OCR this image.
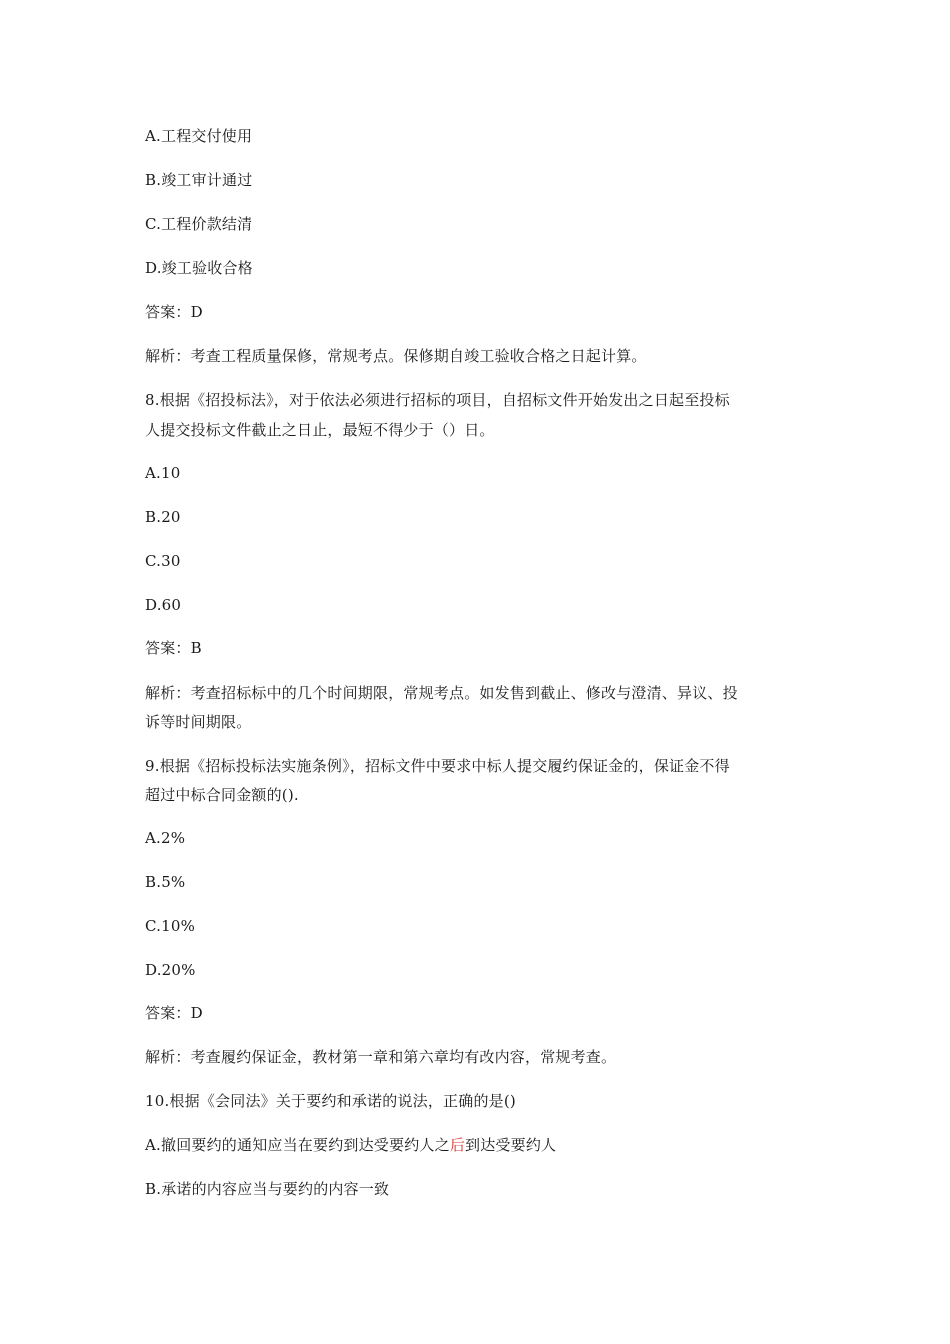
A.工程交付使用
B.竣工审计通过
C.工程价款结清
D.竣工验收合格
答案：D
解析：考查工程质量保修，常规考点。保修期自竣工验收合格之日起计算。
8.根据《招投标法》，对于依法必须进行招标的项目，自招标文件开始发出之日起至投标
人提交投标文件截止之日止，最短不得少于（）日。
A.10
B.20
C.30
D.60
答案：B
解析：考查招标标中的几个时间期限，常规考点。如发售到截止、修改与澄清、异议、投
诉等时间期限。
9.根据《招标投标法实施条例》，招标文件中要求中标人提交履约保证金的，保证金不得
超过中标合同金额的().
A.2%
B.5%
C.10%
D.20%
答案：D
解析：考查履约保证金，教材第一章和第六章均有改内容，常规考查。
10.根据《会同法》关于要约和承诺的说法，正确的是()
A.撤回要约的通知应当在要约到达受要约人之后到达受要约人
B.承诺的内容应当与要约的内容一致
